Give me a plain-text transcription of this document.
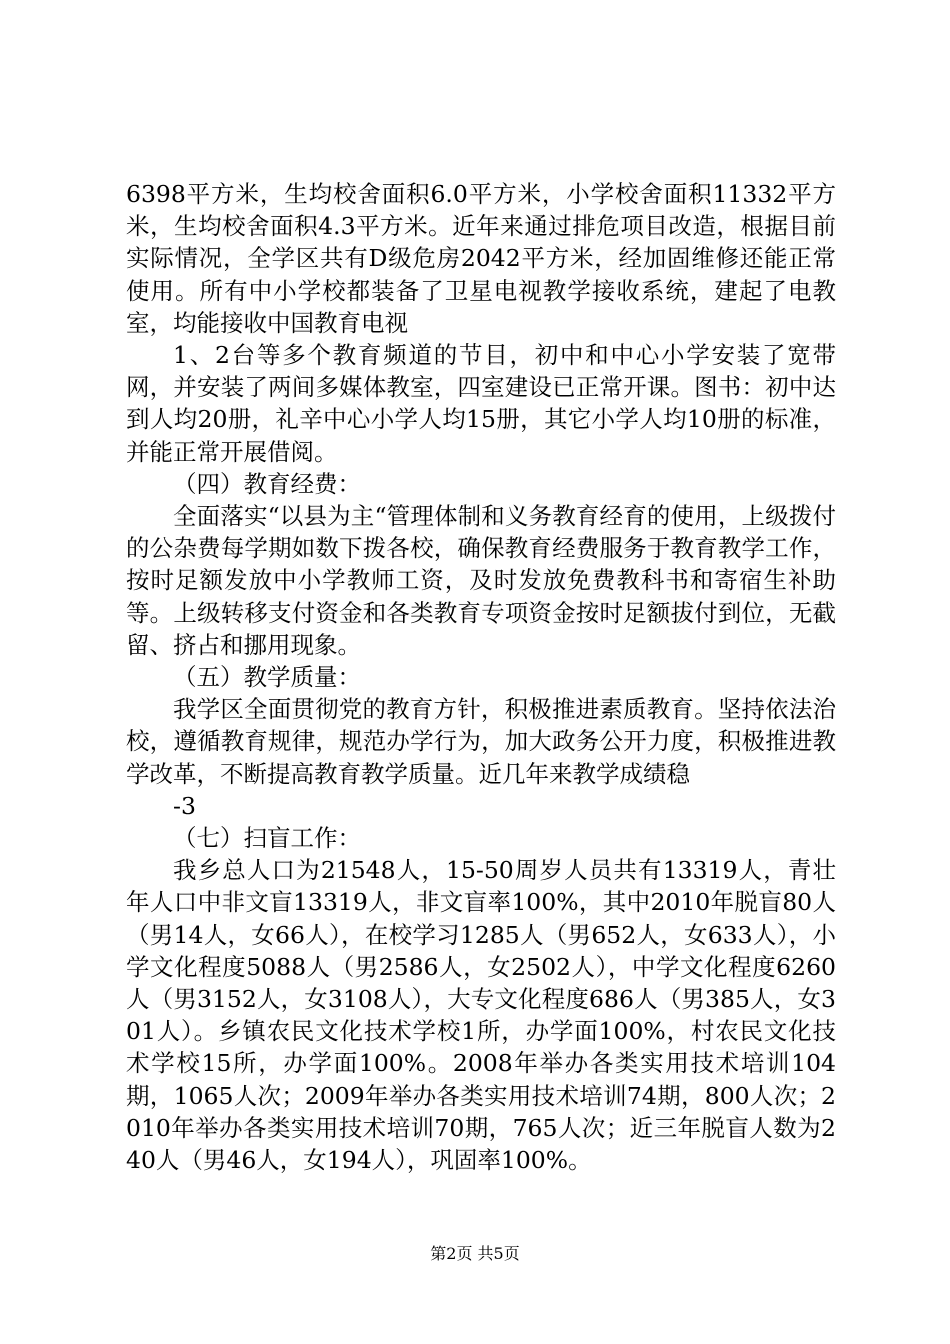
6398平方米，生均校舍面积6.0平方米，小学校舍面积11332平方米，生均校舍面积4.3平方米。近年来通过排危项目改造，根据目前实际情况，全学区共有D级危房2042平方米，经加固维修还能正常使用。所有中小学校都装备了卫星电视教学接收系统，建起了电教室，均能接收中国教育电视

1、2台等多个教育频道的节目，初中和中心小学安装了宽带网，并安装了两间多媒体教室，四室建设已正常开课。图书：初中达到人均20册，礼辛中心小学人均15册，其它小学人均10册的标准，并能正常开展借阅。

（四）教育经费：

全面落实“以县为主“管理体制和义务教育经育的使用，上级拨付的公杂费每学期如数下拨各校，确保教育经费服务于教育教学工作，按时足额发放中小学教师工资，及时发放免费教科书和寄宿生补助等。上级转移支付资金和各类教育专项资金按时足额拔付到位，无截留、挤占和挪用现象。

（五）教学质量：

我学区全面贯彻党的教育方针，积极推进素质教育。坚持依法治校，遵循教育规律，规范办学行为，加大政务公开力度，积极推进教学改革，不断提高教育教学质量。近几年来教学成绩稳

-3

（七）扫盲工作：

我乡总人口为21548人，15-50周岁人员共有13319人，青壮年人口中非文盲13319人，非文盲率100%，其中2010年脱盲80人（男14人，女66人），在校学习1285人（男652人，女633人），小学文化程度5088人（男2586人，女2502人），中学文化程度6260人（男3152人，女3108人），大专文化程度686人（男385人，女301人）。乡镇农民文化技术学校1所，办学面100%，村农民文化技术学校15所，办学面100%。2008年举办各类实用技术培训104期，1065人次；2009年举办各类实用技术培训74期，800人次；2010年举办各类实用技术培训70期，765人次；近三年脱盲人数为240人（男46人，女194人），巩固率100%。

第2页 共5页
